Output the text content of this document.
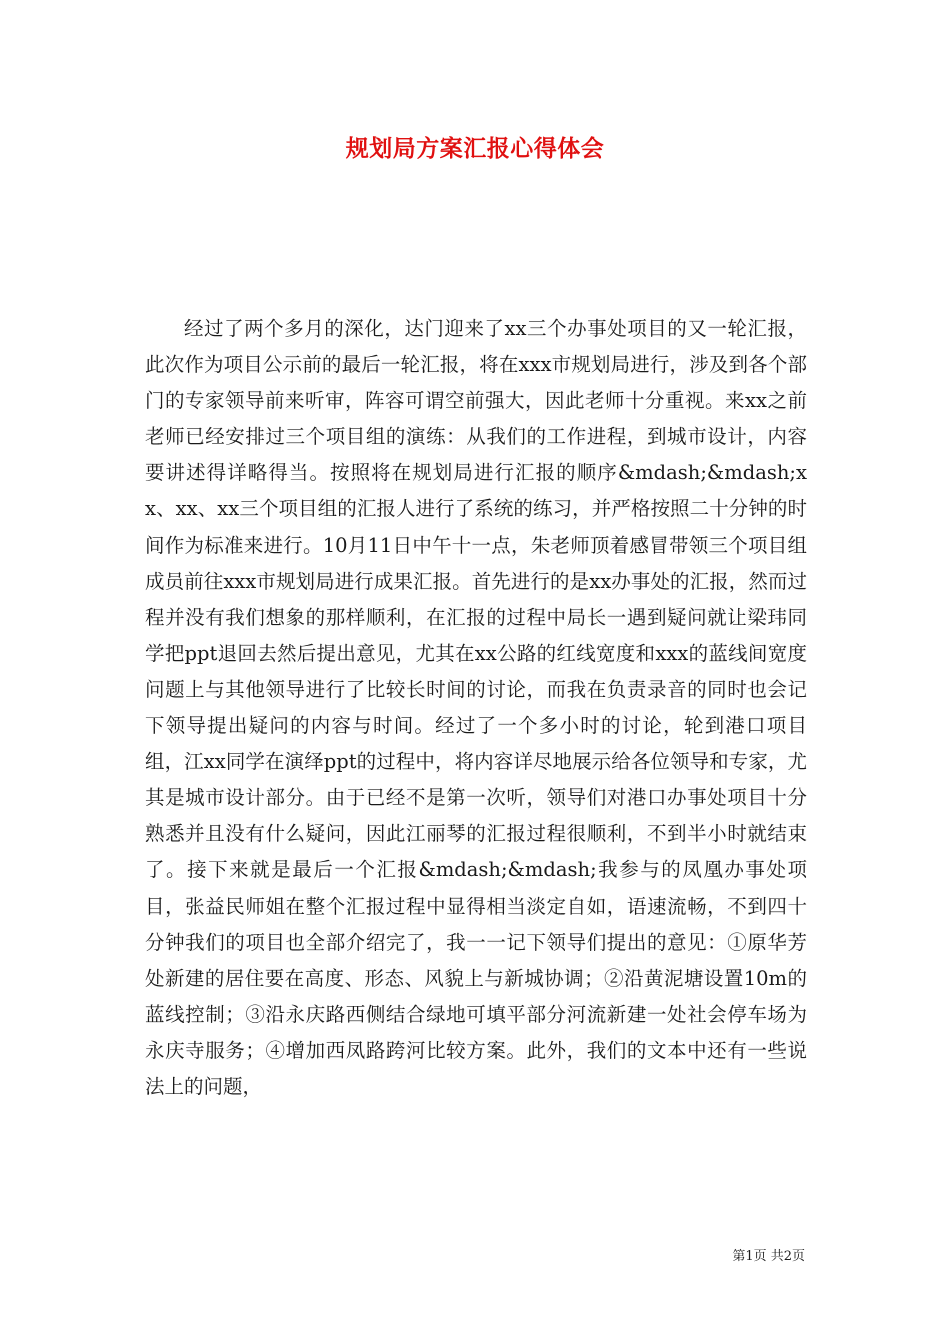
规划局方案汇报心得体会

经过了两个多月的深化，达门迎来了xx三个办事处项目的又一轮汇报，此次作为项目公示前的最后一轮汇报，将在xxx市规划局进行，涉及到各个部门的专家领导前来听审，阵容可谓空前强大，因此老师十分重视。来xx之前老师已经安排过三个项目组的演练：从我们的工作进程，到城市设计，内容要讲述得详略得当。按照将在规划局进行汇报的顺序&mdash;&mdash;xx、xx、xx三个项目组的汇报人进行了系统的练习，并严格按照二十分钟的时间作为标准来进行。10月11日中午十一点，朱老师顶着感冒带领三个项目组成员前往xxx市规划局进行成果汇报。首先进行的是xx办事处的汇报，然而过程并没有我们想象的那样顺利，在汇报的过程中局长一遇到疑问就让梁玮同学把ppt退回去然后提出意见，尤其在xx公路的红线宽度和xxx的蓝线间宽度问题上与其他领导进行了比较长时间的讨论，而我在负责录音的同时也会记下领导提出疑问的内容与时间。经过了一个多小时的讨论，轮到港口项目组，江xx同学在演绎ppt的过程中，将内容详尽地展示给各位领导和专家，尤其是城市设计部分。由于已经不是第一次听，领导们对港口办事处项目十分熟悉并且没有什么疑问，因此江丽琴的汇报过程很顺利，不到半小时就结束了。接下来就是最后一个汇报&mdash;&mdash;我参与的凤凰办事处项目，张益民师姐在整个汇报过程中显得相当淡定自如，语速流畅，不到四十分钟我们的项目也全部介绍完了，我一一记下领导们提出的意见：①原华芳处新建的居住要在高度、形态、风貌上与新城协调；②沿黄泥塘设置10m的蓝线控制；③沿永庆路西侧结合绿地可填平部分河流新建一处社会停车场为永庆寺服务；④增加西凤路跨河比较方案。此外，我们的文本中还有一些说法上的问题，

第1页 共2页
